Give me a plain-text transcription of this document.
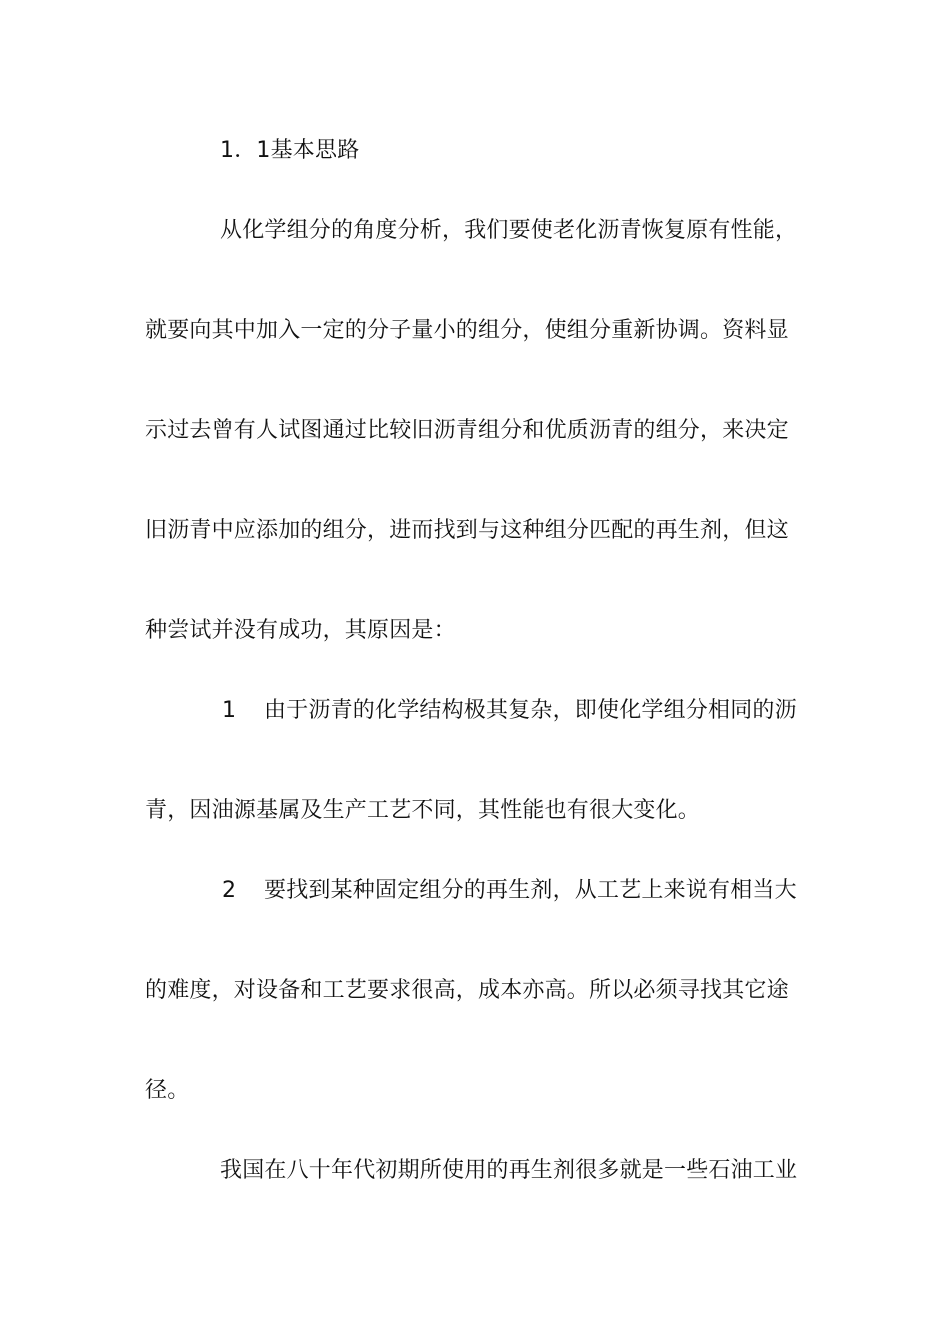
1．1基本思路
从化学组分的角度分析，我们要使老化沥青恢复原有性能，
就要向其中加入一定的分子量小的组分，使组分重新协调。资料显
示过去曾有人试图通过比较旧沥青组分和优质沥青的组分，来决定
旧沥青中应添加的组分，进而找到与这种组分匹配的再生剂，但这
种尝试并没有成功，其原因是：
1 由于沥青的化学结构极其复杂，即使化学组分相同的沥
青，因油源基属及生产工艺不同，其性能也有很大变化。
2 要找到某种固定组分的再生剂，从工艺上来说有相当大
的难度，对设备和工艺要求很高，成本亦高。所以必须寻找其它途
径。
我国在八十年代初期所使用的再生剂很多就是一些石油工业
